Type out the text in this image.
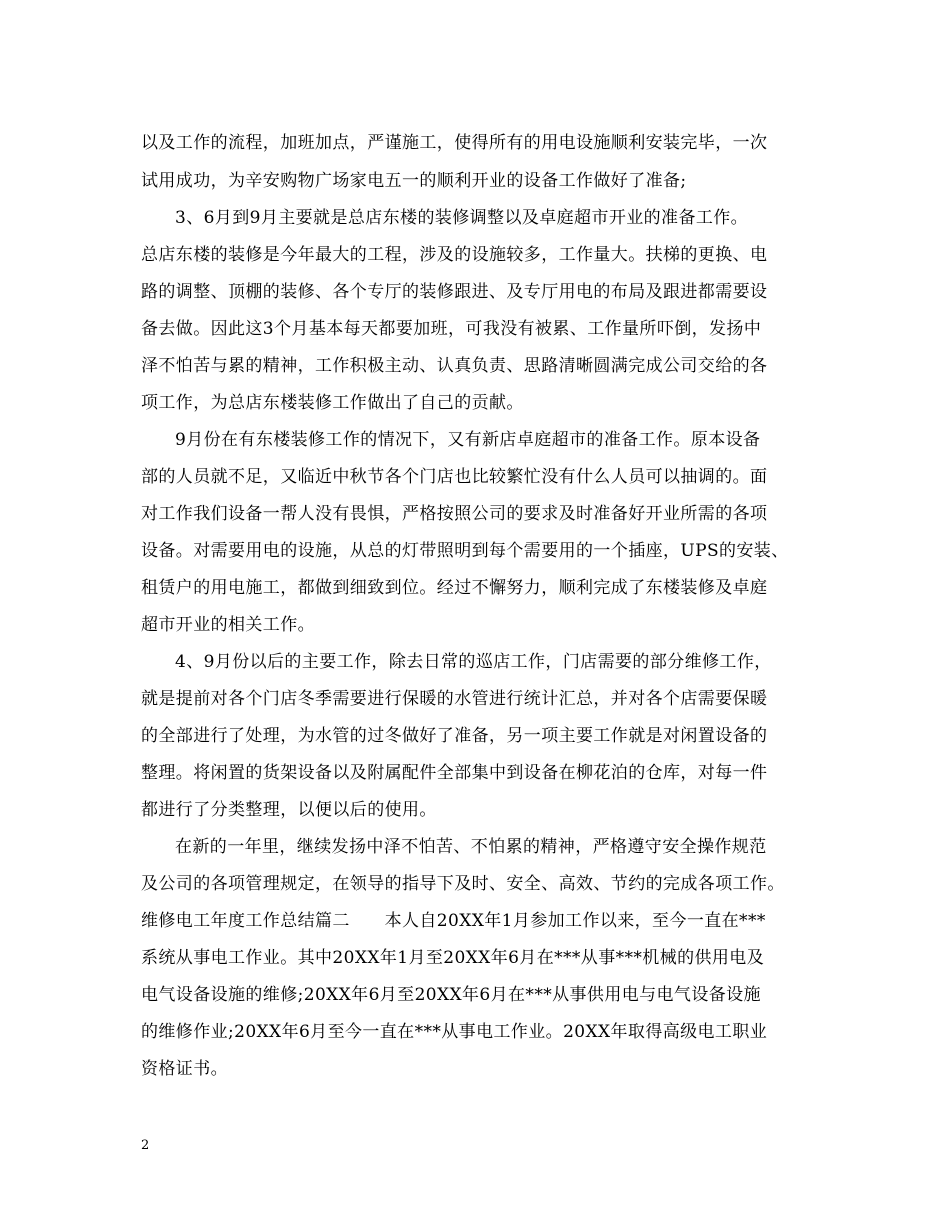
以及工作的流程，加班加点，严谨施工，使得所有的用电设施顺利安装完毕，一次
试用成功，为辛安购物广场家电五一的顺利开业的设备工作做好了准备;
3、6月到9月主要就是总店东楼的装修调整以及卓庭超市开业的准备工作。
总店东楼的装修是今年最大的工程，涉及的设施较多，工作量大。扶梯的更换、电
路的调整、顶棚的装修、各个专厅的装修跟进、及专厅用电的布局及跟进都需要设
备去做。因此这3个月基本每天都要加班，可我没有被累、工作量所吓倒，发扬中
泽不怕苦与累的精神，工作积极主动、认真负责、思路清晰圆满完成公司交给的各
项工作，为总店东楼装修工作做出了自己的贡献。
9月份在有东楼装修工作的情况下，又有新店卓庭超市的准备工作。原本设备
部的人员就不足，又临近中秋节各个门店也比较繁忙没有什么人员可以抽调的。面
对工作我们设备一帮人没有畏惧，严格按照公司的要求及时准备好开业所需的各项
设备。对需要用电的设施，从总的灯带照明到每个需要用的一个插座，UPS的安装、
租赁户的用电施工，都做到细致到位。经过不懈努力，顺利完成了东楼装修及卓庭
超市开业的相关工作。
4、9月份以后的主要工作，除去日常的巡店工作，门店需要的部分维修工作，
就是提前对各个门店冬季需要进行保暖的水管进行统计汇总，并对各个店需要保暖
的全部进行了处理，为水管的过冬做好了准备，另一项主要工作就是对闲置设备的
整理。将闲置的货架设备以及附属配件全部集中到设备在柳花泊的仓库，对每一件
都进行了分类整理，以便以后的使用。
在新的一年里，继续发扬中泽不怕苦、不怕累的精神，严格遵守安全操作规范
及公司的各项管理规定，在领导的指导下及时、安全、高效、节约的完成各项工作。
维修电工年度工作总结篇二　　本人自20XX年1月参加工作以来，至今一直在***
系统从事电工作业。其中20XX年1月至20XX年6月在***从事***机械的供用电及
电气设备设施的维修;20XX年6月至20XX年6月在***从事供用电与电气设备设施
的维修作业;20XX年6月至今一直在***从事电工作业。20XX年取得高级电工职业
资格证书。
2
